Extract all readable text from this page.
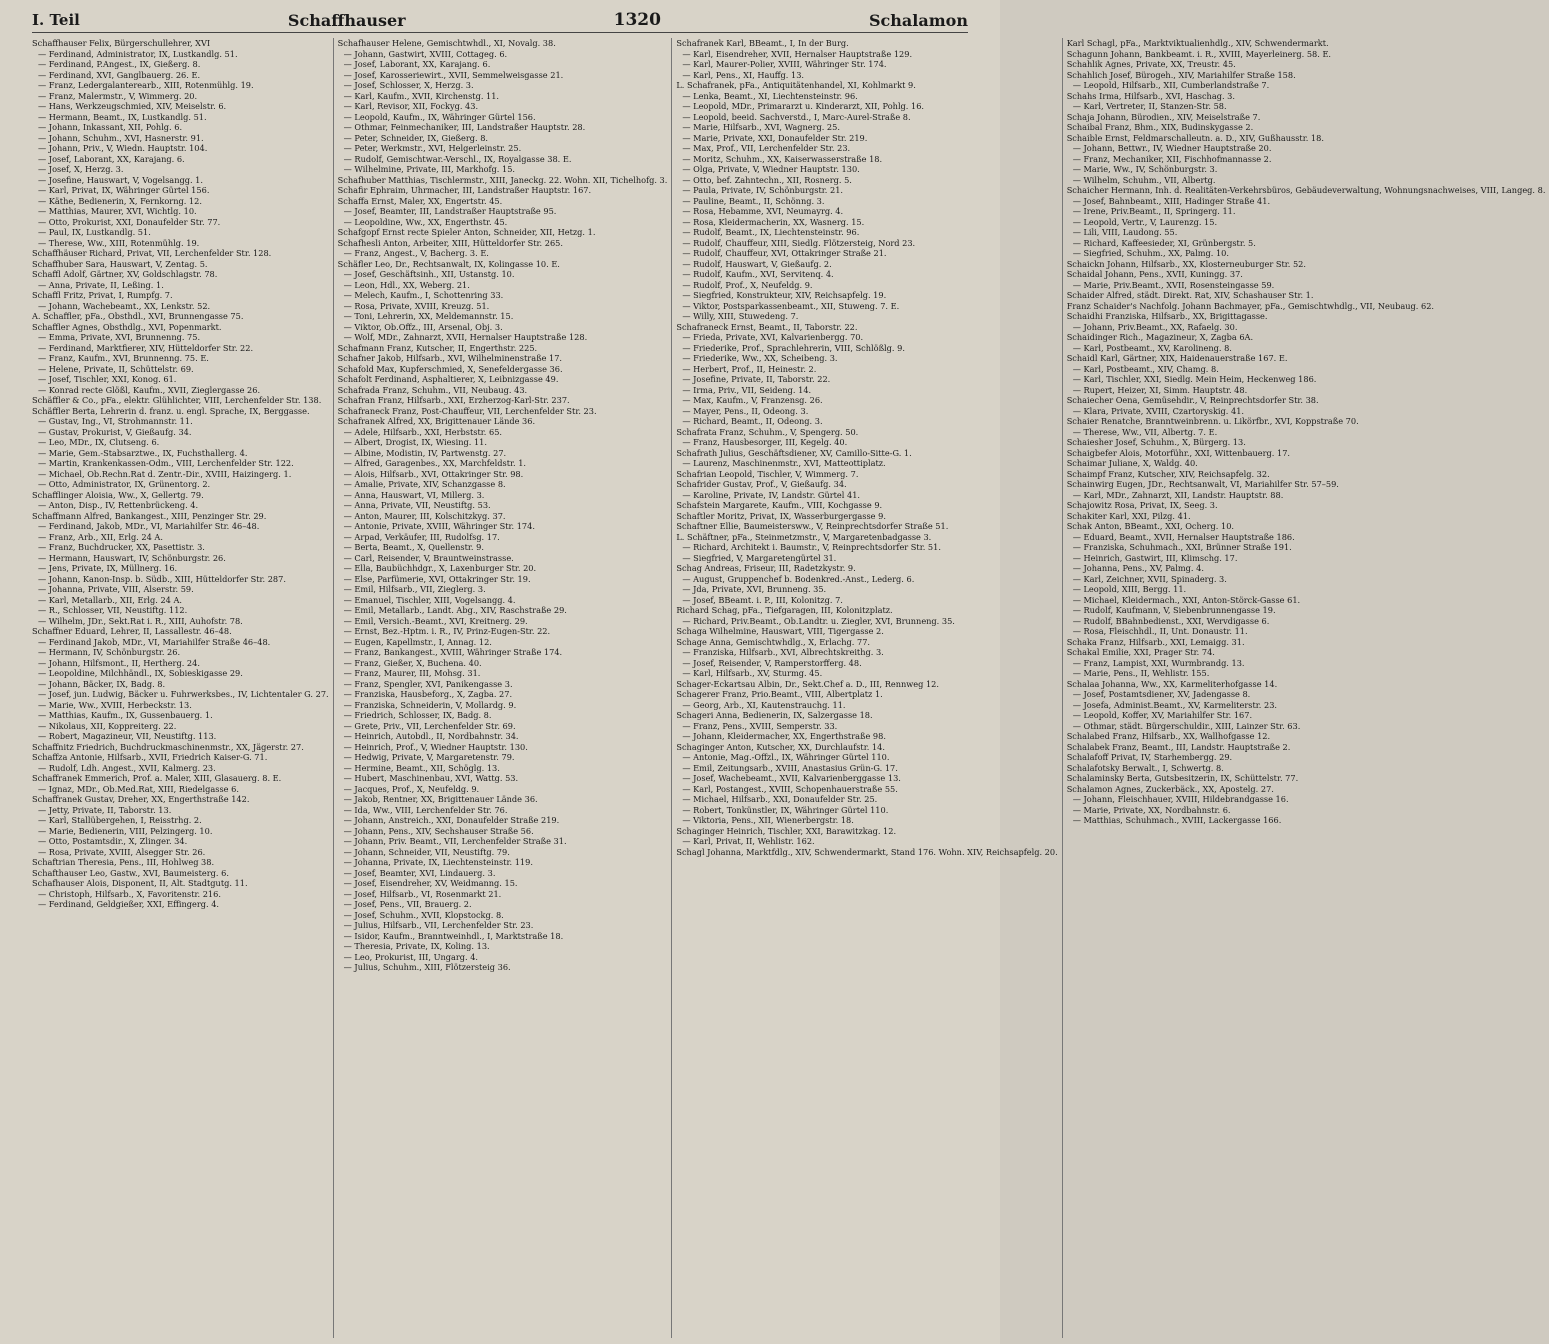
I. Teil	Schaffhauser	1320	Schalamon
Schaffhauser Felix, Bürgerschullehrer, XVI
— Ferdinand, Administrator, IX, Lustkandlg. 51.
— Ferdinand, P.Angest., IX, Gießerg. 8.
— Ferdinand, XVI, Ganglbauerg. 26. E.
— Franz, Ledergalanterearb., XIII, Rotenmühlg. 19.
— Franz, Malermstr., V, Wimmerg. 20.
— Hans, Werkzeugschmied, XIV, Meiselstr. 6.
— Hermann, Beamt., IX, Lustkandlg. 51.
— Johann, Inkassant, XII, Pohlg. 6.
— Johann, Schuhm., XVI, Hasnerstr. 91.
— Johann, Priv., V, Wiedn. Hauptstr. 104.
— Josef, Laborant, XX, Karajang. 6.
— Josef, X, Herzg. 3.
— Josefine, Hauswart, V, Vogelsangg. 1.
— Karl, Privat, IX, Währinger Gürtel 156.
— Käthe, Bedienerin, X, Fernkorng. 12.
— Matthias, Maurer, XVI, Wichtlg. 10.
— Otto, Prokurist, XXI, Donaufelder Str. 77.
— Paul, IX, Lustkandlg. 51.
— Therese, Ww., XIII, Rotenmühlg. 19.
Schaffhäuser Richard, Privat, VII, Lerchenfelder Str. 128.
Schaffhuber Sara, Hauswart, V, Zentag. 5.
Schaffl Adolf, Gärtner, XV, Goldschlagstr. 78.
— Anna, Private, II, Leßing. 1.
Schaffl Fritz, Privat, I, Rumpfg. 7.
— Johann, Wachebeamt., XX, Lenkstr. 52.
A. Schaffler, pFa., Obsthdl., XVI, Brunnengasse 75.
Schaffler Agnes, Obsthdlg., XVI, Popenmarkt.
— Emma, Private, XVI, Brunnenng. 75.
— Ferdinand, Marktfierer, XIV, Hütteldorfer Str. 22.
— Franz, Kaufm., XVI, Brunnenng. 75. E.
— Helene, Private, II, Schüttelstr. 69.
— Josef, Tischler, XXI, Konog. 61.
— Konrad recte Glößl, Kaufm., XVII, Zieglergasse 26.
Schäffler & Co., pFa., elektr. Glühlichter, VIII, Lerchenfelder Str. 138.
Schäffler Berta, Lehrerin d. franz. u. engl. Sprache, IX, Berggasse.
— Gustav, Ing., VI, Strohmannstr. 11.
— Gustav, Prokurist, V, Gießaufg. 34.
— Leo, MDr., IX, Clutseng. 6.
— Marie, Gem.-Stabsarztwe., IX, Fuchsthallerg. 4.
— Martin, Krankenkassen-Odm., VIII, Lerchenfelder Str. 122.
— Michael, Ob.Rechn.Rat d. Zentr.-Dir., XVIII, Haizingerg. 1.
— Otto, Administrator, IX, Grünentorg. 2.
Schafflinger Aloisia, Ww., X, Gellertg. 79.
— Anton, Disp., IV, Rettenbrückeng. 4.
Schaffmann Alfred, Bankangest., XIII, Penzinger Str. 29.
— Ferdinand, Jakob, MDr., VI, Mariahilfer Str. 46–48.
— Franz, Arb., XII, Erlg. 24 A.
— Franz, Buchdrucker, XX, Pasettistr. 3.
— Hermann, Hauswart, IV, Schönburgstr. 26.
— Jens, Private, IX, Müllnerg. 16.
— Johann, Kanon-Insp. b. Südb., XIII, Hütteldorfer Str. 287.
— Johanna, Private, VIII, Alserstr. 59.
— Karl, Metallarb., XII, Erlg. 24 A.
— R., Schlosser, VII, Neustiftg. 112.
— Wilhelm, JDr., Sekt.Rat i. R., XIII, Auhofstr. 78.
Schaffner Eduard, Lehrer, II, Lassallestr. 46–48.
— Ferdinand Jakob, MDr., VI, Mariahilfer Straße 46–48.
— Hermann, IV, Schönburgstr. 26.
— Johann, Hilfsmont., II, Hertherg. 24.
— Leopoldine, Milchhändl., IX, Sobieskigasse 29.
— Johann, Bäcker, IX, Badg. 8.
— Josef, jun. Ludwig, Bäcker u. Fuhrwerksbes., IV, Lichtentaler G. 27.
— Marie, Ww., XVIII, Herbeckstr. 13.
— Matthias, Kaufm., IX, Gussenbauerg. 1.
— Nikolaus, XII, Koppreiterg. 22.
— Robert, Magazineur, VII, Neustiftg. 113.
Schaffnitz Friedrich, Buchdruckmaschinenmstr., XX, Jägerstr. 27.
Schaffza Antonie, Hilfsarb., XVII, Friedrich Kaiser-G. 71.
— Rudolf, Ldh. Angest., XVII, Kalmerg. 23.
Schaffranek Emmerich, Prof. a. Maler, XIII, Glasauerg. 8. E.
— Ignaz, MDr., Ob.Med.Rat, XIII, Riedelgasse 6.
Schaffranek Gustav, Dreher, XX, Engerthstraße 142.
— Jetty, Private, II, Taborstr. 13.
— Karl, Stallübergehen, I, Reisstrhg. 2.
— Marie, Bedienerin, VIII, Pelzingerg. 10.
— Otto, Postamtsdir., X, Zlinger. 34.
— Rosa, Private, XVIII, Alsegger Str. 26.
Schaftrian Theresia, Pens., III, Hohlweg 38.
Schafthauser Leo, Gastw., XVI, Baumeisterg. 6.
Schafhauser Alois, Disponent, II, Alt. Stadtgutg. 11.
— Christoph, Hilfsarb., X, Favoritenstr. 216.
— Ferdinand, Geldgießer, XXI, Effingerg. 4.
Schafhauser Helene, Gemischtwhdl., XI, Novalg. 38.
— Johann, Gastwirt, XVIII, Cottageg. 6.
— Josef, Laborant, XX, Karajang. 6.
— Josef, Karosseriewirt., XVII, Semmelweisgasse 21.
— Josef, Schlosser, X, Herzg. 3.
— Karl, Kaufm., XVII, Kirchenstg. 11.
— Karl, Revisor, XII, Fockyg. 43.
— Leopold, Kaufm., IX, Währinger Gürtel 156.
— Othmar, Feinmechaniker, III, Landstraßer Hauptstr. 28.
— Peter, Schneider, IX, Gießerg. 8.
— Peter, Werkmstr., XVI, Helgerleinstr. 25.
— Rudolf, Gemischtwar.-Verschl., IX, Royalgasse 38. E.
— Wilhelmine, Private, III, Markhofg. 15.
Schafhuber Matthias, Tischlermstr., XIII, Janeckg. 22. Wohn. XII, Tichelhofg. 3.
Schafir Ephraim, Uhrmacher, III, Landstraßer Hauptstr. 167.
Schaffa Ernst, Maler, XX, Engertstr. 45.
— Josef, Beamter, III, Landstraßer Hauptstraße 95.
— Leopoldine, Ww., XX, Engerthstr. 45.
Schafgopf Ernst recte Spieler Anton, Schneider, XII, Hetzg. 1.
Schafhesli Anton, Arbeiter, XIII, Hütteldorfer Str. 265.
— Franz, Angest., V, Bacherg. 3. E.
Schäfler Leo, Dr., Rechtsanwalt, IX, Kolingasse 10. E.
— Josef, Geschäftsinh., XII, Ustanstg. 10.
— Leon, Hdl., XX, Weberg. 21.
— Melech, Kaufm., I, Schottenring 33.
— Rosa, Private, XVIII, Kreuzg. 51.
— Toni, Lehrerin, XX, Meldemannstr. 15.
— Viktor, Ob.Offz., III, Arsenal, Obj. 3.
— Wolf, MDr., Zahnarzt, XVII, Hernalser Hauptstraße 128.
Schafmann Franz, Kutscher, II, Engerthstr. 225.
Schafner Jakob, Hilfsarb., XVI, Wilhelminenstraße 17.
Schafold Max, Kupferschmied, X, Senefeldergasse 36.
Schafolt Ferdinand, Asphaltierer, X, Leibnizgasse 49.
Schafrada Franz, Schuhm., VII, Neubaug. 43.
Schafran Franz, Hilfsarb., XXI, Erzherzog-Karl-Str. 237.
Schafraneck Franz, Post-Chauffeur, VII, Lerchenfelder Str. 23.
Schafranek Alfred, XX, Brigittenauer Lände 36.
— Adele, Hilfsarb., XXI, Herbststr. 65.
— Albert, Drogist, IX, Wiesing. 11.
— Albine, Modistin, IV, Partwenstg. 27.
— Alfred, Garagenbes., XX, Marchfeldstr. 1.
— Alois, Hilfsarb., XVI, Ottakringer Str. 98.
— Amalie, Private, XIV, Schanzgasse 8.
— Anna, Hauswart, VI, Millerg. 3.
— Anna, Private, VII, Neustiftg. 53.
— Anton, Maurer, III, Kolschitzkyg. 37.
— Antonie, Private, XVIII, Währinger Str. 174.
— Arpad, Verkäufer, III, Rudolfsg. 17.
— Berta, Beamt., X, Quellenstr. 9.
— Carl, Reisender, V, Brauntweinstrasse.
— Ella, Baubüchhdgr., X, Laxenburger Str. 20.
— Else, Parfümerie, XVI, Ottakringer Str. 19.
— Emil, Hilfsarb., VII, Zieglerg. 3.
— Emanuel, Tischler, XIII, Vogelsangg. 4.
— Emil, Metallarb., Landt. Abg., XIV, Raschstraße 29.
— Emil, Versich.-Beamt., XVI, Kreitnerg. 29.
— Ernst, Bez.-Hptm. i. R., IV, Prinz-Eugen-Str. 22.
— Eugen, Kapellmstr., I, Annag. 12.
— Franz, Bankangest., XVIII, Währinger Straße 174.
— Franz, Gießer, X, Buchena. 40.
— Franz, Maurer, III, Mohsg. 31.
— Franz, Spengler, XVI, Panikengasse 3.
— Franziska, Hausbeforg., X, Zagba. 27.
— Franziska, Schneiderin, V, Mollardg. 9.
— Friedrich, Schlosser, IX, Badg. 8.
— Grete, Priv., VII, Lerchenfelder Str. 69.
— Heinrich, Autobdl., II, Nordbahnstr. 34.
— Heinrich, Prof., V, Wiedner Hauptstr. 130.
— Hedwig, Private, V, Margaretenstr. 79.
— Hermine, Beamt., XII, Schöglg. 13.
— Hubert, Maschinenbau, XVI, Wattg. 53.
— Jacques, Prof., X, Neufeldg. 9.
— Jakob, Rentner, XX, Brigittenauer Lände 36.
— Ida, Ww., VIII, Lerchenfelder Str. 76.
— Johann, Anstreich., XXI, Donaufelder Straße 219.
— Johann, Pens., XIV, Sechshauser Straße 56.
— Johann, Priv. Beamt., VII, Lerchenfelder Straße 31.
— Johann, Schneider, VII, Neustiftg. 79.
— Johanna, Private, IX, Liechtensteinstr. 119.
— Josef, Beamter, XVI, Lindauerg. 3.
— Josef, Eisendreher, XV, Weidmanng. 15.
— Josef, Hilfsarb., VI, Rosenmarkt 21.
— Josef, Pens., VII, Brauerg. 2.
— Josef, Schuhm., XVII, Klopstockg. 8.
— Julius, Hilfsarb., VII, Lerchenfelder Str. 23.
— Isidor, Kaufm., Branntweinhdl., I, Marktstraße 18.
— Theresia, Private, IX, Koling. 13.
— Leo, Prokurist, III, Ungarg. 4.
— Julius, Schuhm., XIII, Flötzersteig 36.
Schafranek Karl, BBeamt., I, In der Burg.
— Karl, Eisendreher, XVII, Hernalser Hauptstraße 129.
— Karl, Maurer-Polier, XVIII, Währinger Str. 174.
— Karl, Pens., XI, Hauffg. 13.
L. Schafranek, pFa., Antiquitätenhandel, XI, Kohlmarkt 9.
— Lenka, Beamt., XI, Liechtensteinstr. 96.
— Leopold, MDr., Primararzt u. Kinderarzt, XII, Pohlg. 16.
— Leopold, beeid. Sachverstd., I, Marc-Aurel-Straße 8.
— Marie, Hilfsarb., XVI, Wagnerg. 25.
— Marie, Private, XXI, Donaufelder Str. 219.
— Max, Prof., VII, Lerchenfelder Str. 23.
— Moritz, Schuhm., XX, Kaiserwasserstraße 18.
— Olga, Private, V, Wiedner Hauptstr. 130.
— Otto, bef. Zahntechn., XII, Rosnerg. 5.
— Paula, Private, IV, Schönburgstr. 21.
— Pauline, Beamt., II, Schönng. 3.
— Rosa, Hebamme, XVI, Neumayrg. 4.
— Rosa, Kleidermacherin, XX, Wasnerg. 15.
— Rudolf, Beamt., IX, Liechtensteinstr. 96.
— Rudolf, Chauffeur, XIII, Siedlg. Flötzersteig, Nord 23.
— Rudolf, Chauffeur, XVI, Ottakringer Straße 21.
— Rudolf, Hauswart, V, Gießaufg. 2.
— Rudolf, Kaufm., XVI, Servitenq. 4.
— Rudolf, Prof., X, Neufeldg. 9.
— Siegfried, Konstrukteur, XIV, Reichsapfelg. 19.
— Viktor, Postsparkassenbeamt., XII, Stuweng. 7. E.
— Willy, XIII, Stuwedeng. 7.
Schafraneck Ernst, Beamt., II, Taborstr. 22.
— Frieda, Private, XVI, Kalvarienbergg. 70.
— Friederike, Prof., Sprachlehrerin, VIII, Schlößlg. 9.
— Friederike, Ww., XX, Scheibeng. 3.
— Herbert, Prof., II, Heinestr. 2.
— Josefine, Private, II, Taborstr. 22.
— Irma, Priv., VII, Seideng. 14.
— Max, Kaufm., V, Franzensg. 26.
— Mayer, Pens., II, Odeong. 3.
— Richard, Beamt., II, Odeong. 3.
Schafrata Franz, Schuhm., V, Spengerg. 50.
— Franz, Hausbesorger, III, Kegelg. 40.
Schafrath Julius, Geschäftsdiener, XV, Camillo-Sitte-G. 1.
— Laurenz, Maschinenmstr., XVI, Matteottiplatz.
Schafrian Leopold, Tischler, V, Wimmerg. 7.
Schafrider Gustav, Prof., V, Gießaufg. 34.
— Karoline, Private, IV, Landstr. Gürtel 41.
Schafstein Margarete, Kaufm., VIII, Kochgasse 9.
Schaftler Moritz, Privat, IX, Wasserburgergasse 9.
Schaftner Ellie, Baumeistersww., V, Reinprechtsdorfer Straße 51.
L. Schäftner, pFa., Steinmetzmstr., V, Margaretenbadgasse 3.
— Richard, Architekt i. Baumstr., V, Reinprechtsdorfer Str. 51.
— Siegfried, V, Margaretengürtel 31.
Schag Andreas, Friseur, III, Radetzkystr. 9.
— August, Gruppenchef b. Bodenkred.-Anst., Lederg. 6.
— Jda, Private, XVI, Brunneng. 35.
— Josef, BBeamt. i. P., III, Kolonitzg. 7.
Richard Schag, pFa., Tiefgaragen, III, Kolonitzplatz.
— Richard, Priv.Beamt., Ob.Landtr. u. Ziegler, XVI, Brunneng. 35.
Schaga Wilhelmine, Hauswart, VIII, Tigergasse 2.
Schage Anna, Gemischtwhdlg., X, Erlachg. 77.
— Franziska, Hilfsarb., XVI, Albrechtskreithg. 3.
— Josef, Reisender, V, Ramperstorfferg. 48.
— Karl, Hilfsarb., XV, Sturmg. 45.
Schager-Eckartsau Albin, Dr., Sekt.Chef a. D., III, Rennweg 12.
Schagerer Franz, Prio.Beamt., VIII, Albertplatz 1.
— Georg, Arb., XI, Kautenstrauchg. 11.
Schageri Anna, Bedienerin, IX, Salzergasse 18.
— Franz, Pens., XVIII, Semperstr. 33.
— Johann, Kleidermacher, XX, Engerthstraße 98.
Schaginger Anton, Kutscher, XX, Durchlaufstr. 14.
— Antonie, Mag.-Offzl., IX, Währinger Gürtel 110.
— Emil, Zeitungsarb., XVIII, Anastasius Grün-G. 17.
— Josef, Wachebeamt., XVII, Kalvarienberggasse 13.
— Karl, Postangest., XVIII, Schopenhauerstraße 55.
— Michael, Hilfsarb., XXI, Donaufelder Str. 25.
— Robert, Tonkünstler, IX, Währinger Gürtel 110.
— Viktoria, Pens., XII, Wienerbergstr. 18.
Schaginger Heinrich, Tischler, XXI, Barawitzkag. 12.
— Karl, Privat, II, Wehlistr. 162.
Schagl Johanna, Marktfdlg., XIV, Schwendermarkt, Stand 176. Wohn. XIV, Reichsapfelg. 20.
Karl Schagl, pFa., Marktviktualienhdlg., XIV, Schwendermarkt.
Schagunn Johann, Bankbeamt. i. R., XVIII, Mayerleinerg. 58. E.
Schahlik Agnes, Private, XX, Treustr. 45.
Schahlich Josef, Bürogeh., XIV, Mariahilfer Straße 158.
— Leopold, Hilfsarb., XII, Cumberlandstraße 7.
Schahs Irma, Hilfsarb., XVI, Haschag. 3.
— Karl, Vertreter, II, Stanzen-Str. 58.
Schaja Johann, Bürodien., XIV, Meiselstraße 7.
Schaibal Franz, Bhm., XIX, Budinskygasse 2.
Schaible Ernst, Feldmarschalleutn. a. D., XIV, Gußhausstr. 18.
— Johann, Bettwr., IV, Wiedner Hauptstraße 20.
— Franz, Mechaniker, XII, Fischhofmannasse 2.
— Marie, Ww., IV, Schönburgstr. 3.
— Wilhelm, Schuhm., VII, Albertg.
Schaicher Hermann, Inh. d. Realitäten-Verkehrsbüros, Gebäudeverwaltung, Wohnungsnachweises, VIII, Langeg. 8.
— Josef, Bahnbeamt., XIII, Hadinger Straße 41.
— Irene, Priv.Beamt., II, Springerg. 11.
— Leopold, Vertr., V, Laurenzg. 15.
— Lili, VIII, Laudong. 55.
— Richard, Kaffeesieder, XI, Grünbergstr. 5.
— Siegfried, Schuhm., XX, Palmg. 10.
Schaickn Johann, Hilfsarb., XX, Klosterneuburger Str. 52.
Schaidal Johann, Pens., XVII, Kuningg. 37.
— Marie, Priv.Beamt., XVII, Rosensteingasse 59.
Schaider Alfred, städt. Direkt. Rat, XIV, Schashauser Str. 1.
Franz Schaider's Nachfolg. Johann Bachmayer, pFa., Gemischtwhdlg., VII, Neubaug. 62.
Schaidhi Franziska, Hilfsarb., XX, Brigittagasse.
— Johann, Priv.Beamt., XX, Rafaelg. 30.
Schaidinger Rich., Magazineur, X, Zagba 6A.
— Karl, Postbeamt., XV, Karolineng. 8.
Schaidl Karl, Gärtner, XIX, Haidenauerstraße 167. E.
— Karl, Postbeamt., XIV, Chamg. 8.
— Karl, Tischler, XXI, Siedlg. Mein Heim, Heckenweg 186.
— Rupert, Heizer, XI, Simm. Hauptstr. 48.
Schaiecher Oena, Gemüsehdir., V, Reinprechtsdorfer Str. 38.
— Klara, Private, XVIII, Czartoryskig. 41.
Schaier Renatche, Branntweinbrenn. u. Likörfbr., XVI, Koppstraße 70.
— Therese, Ww., VII, Albertg. 7. E.
Schaiesher Josef, Schuhm., X, Bürgerg. 13.
Schaigbefer Alois, Motorführ., XXI, Wittenbauerg. 17.
Schaimar Juliane, X, Waldg. 40.
Schaimpf Franz, Kutscher, XIV, Reichsapfelg. 32.
Schainwirg Eugen, JDr., Rechtsanwalt, VI, Mariahilfer Str. 57–59.
— Karl, MDr., Zahnarzt, XII, Landstr. Hauptstr. 88.
Schajowitz Rosa, Privat, IX, Seeg. 3.
Schakiter Karl, XXI, Pilzg. 41.
Schak Anton, BBeamt., XXI, Ocherg. 10.
— Eduard, Beamt., XVII, Hernalser Hauptstraße 186.
— Franziska, Schuhmach., XXI, Brünner Straße 191.
— Heinrich, Gastwirt, III, Klimschg. 17.
— Johanna, Pens., XV, Palmg. 4.
— Karl, Zeichner, XVII, Spinaderg. 3.
— Leopold, XIII, Bergg. 11.
— Michael, Kleidermach., XXI, Anton-Störck-Gasse 61.
— Rudolf, Kaufmann, V, Siebenbrunnengasse 19.
— Rudolf, BBahnbedienst., XXI, Wervdigasse 6.
— Rosa, Fleischhdl., II, Unt. Donaustr. 11.
Schaka Franz, Hilfsarb., XXI, Lemaigg. 31.
Schakal Emilie, XXI, Prager Str. 74.
— Franz, Lampist, XXI, Wurmbrandg. 13.
— Marie, Pens., II, Wehlistr. 155.
Schalaa Johanna, Ww., XX, Karmeliterhofgasse 14.
— Josef, Postamtsdiener, XV, Jadengasse 8.
— Josefa, Administ.Beamt., XV, Karmeliterstr. 23.
— Leopold, Koffer, XV, Mariahilfer Str. 167.
— Othmar, städt. Bürgerschuldir., XIII, Lainzer Str. 63.
Schalabed Franz, Hilfsarb., XX, Wallhofgasse 12.
Schalabek Franz, Beamt., III, Landstr. Hauptstraße 2.
Schalafoff Privat, IV, Starhembergg. 29.
Schalafotsky Berwalt., I, Schwertg. 8.
Schalaminsky Berta, Gutsbesitzerin, IX, Schüttelstr. 77.
Schalamon Agnes, Zuckerbäck., XX, Apostelg. 27.
— Johann, Fleischhauer, XVIII, Hildebrandgasse 16.
— Marie, Private, XX, Nordbahnstr. 6.
— Matthias, Schuhmach., XVIII, Lackergasse 166.
